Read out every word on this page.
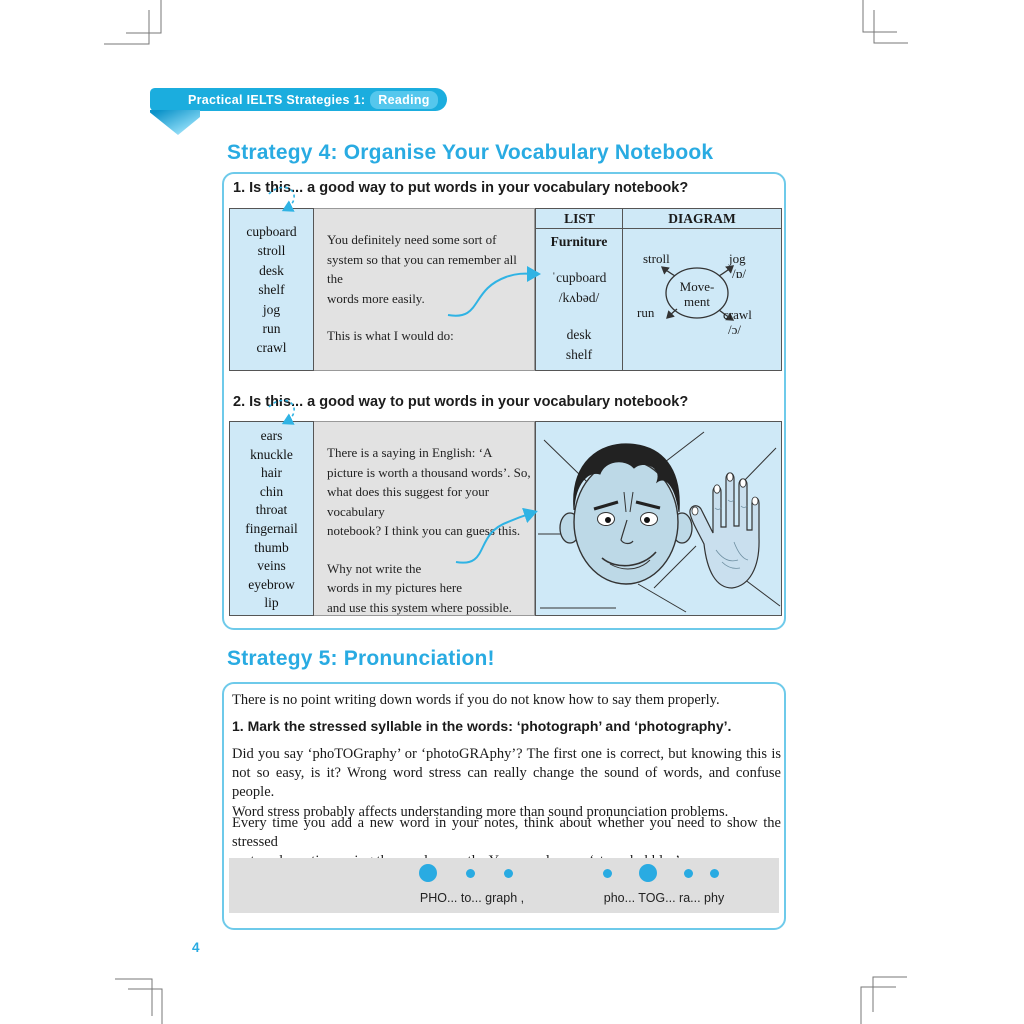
Practical IELTS Strategies 1:	Reading
Strategy 4: Organise Your Vocabulary Notebook
1. Is this... a good way to put words in your vocabulary notebook?
cupboard
stroll
desk
shelf
jog
run
crawl
You definitely need some sort of
system so that you can remember all the
words more easily.
This is what I would do:
LIST	DIAGRAM
Furniture
ˈcupboard
/kʌbəd/
desk
shelf
Move-
ment
stroll	jog
/ɒ/
run	crawl
/ɔ/
2. Is this... a good way to put words in your vocabulary notebook?
ears
knuckle
hair
chin
throat
fingernail
thumb
veins
eyebrow
lip
There is a saying in English: ‘A
picture is worth a thousand words’. So,
what does this suggest for your vocabulary
notebook? I think you can guess this.
Why not write the
words in my pictures here
and use this system where possible.
Strategy 5: Pronunciation!
There is no point writing down words if you do not know how to say them properly.
1. Mark the stressed syllable in the words: ‘photograph’ and ‘photography’.
Did you say ‘phoTOGraphy’ or ‘photoGRAphy’? The first one is correct, but knowing this is
not so easy, is it? Wrong word stress can really change the sound of words, and confuse people.
Word stress probably affects understanding more than sound pronunciation problems.
Every time you add a new word in your notes, think about whether you need to show the stressed
PHO... to... graph ,	pho... TOG... ra... phy
4
